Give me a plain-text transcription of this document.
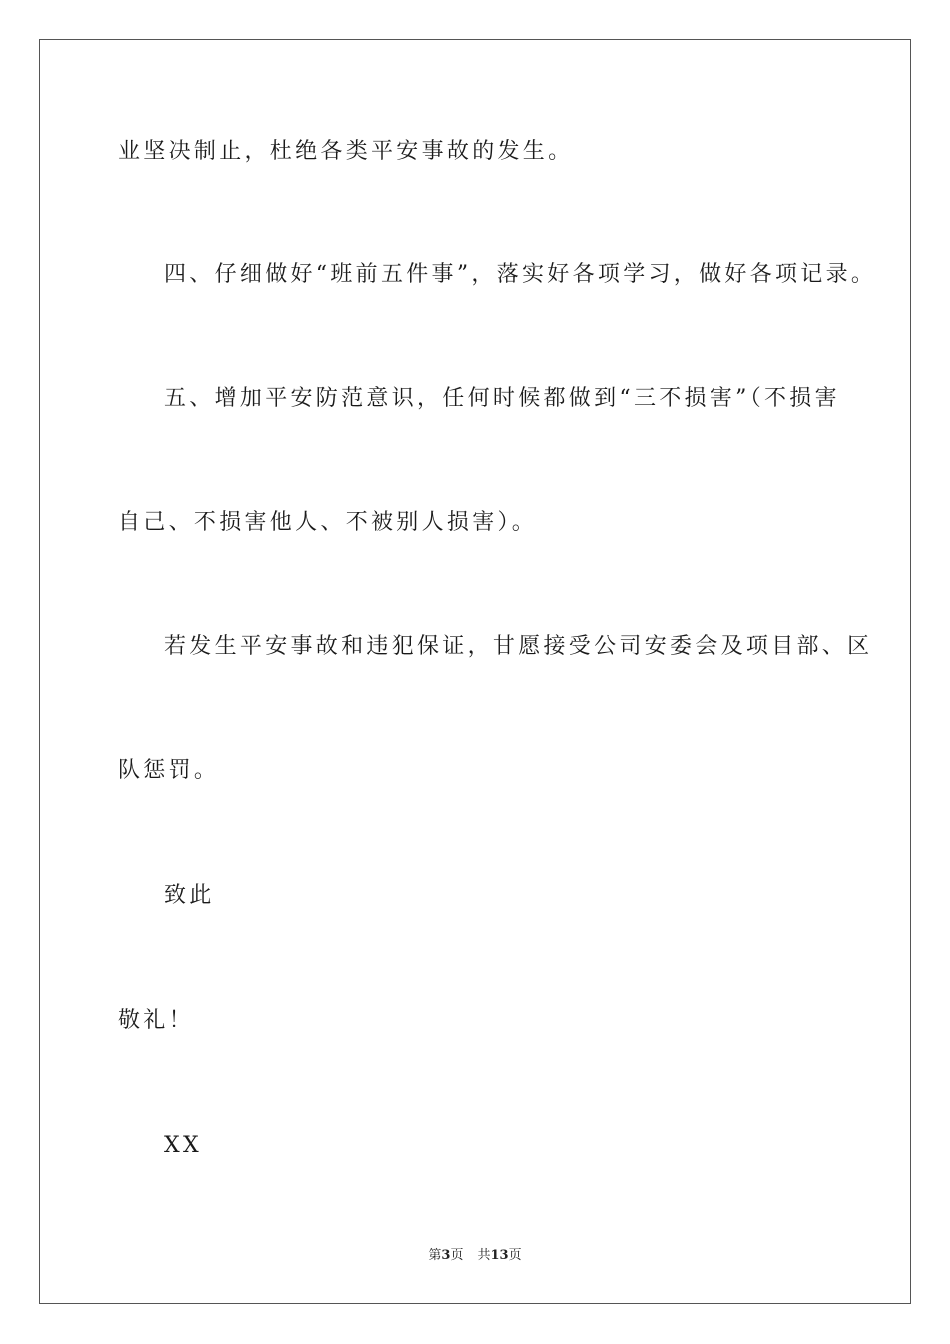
业坚决制止，杜绝各类平安事故的发生。
四、仔细做好“班前五件事”，落实好各项学习，做好各项记录。
五、增加平安防范意识，任何时候都做到“三不损害”（不损害
自己、不损害他人、不被别人损害）。
若发生平安事故和违犯保证，甘愿接受公司安委会及项目部、区
队惩罚。
致此
敬礼！
XX
第3页 共13页
